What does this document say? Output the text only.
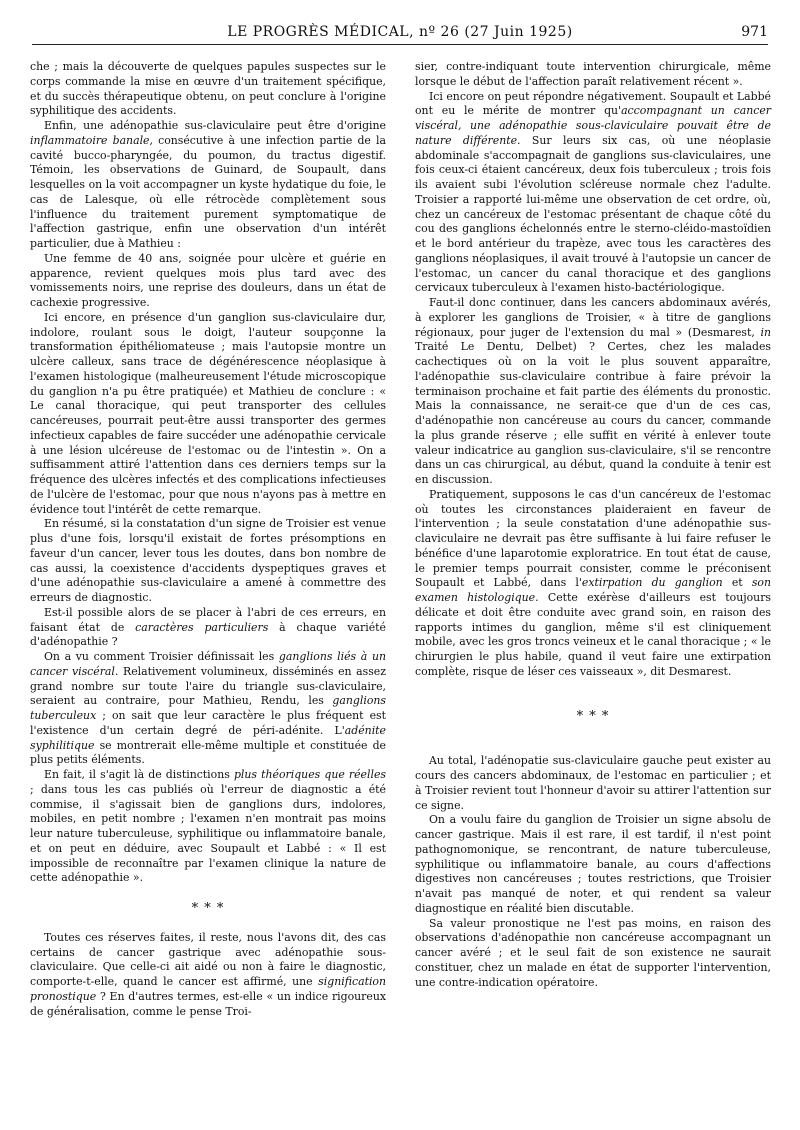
LE PROGRÈS MÉDICAL, nº 26 (27 Juin 1925)	971

che ; mais la découverte de quelques papules suspectes sur le corps commande la mise en œuvre d'un traitement spécifique, et du succès thérapeutique obtenu, on peut conclure à l'origine syphilitique des accidents.

Enfin, une adénopathie sus-claviculaire peut être d'origine inflammatoire banale, consécutive à une infection partie de la cavité bucco-pharyngée, du poumon, du tractus digestif. Témoin, les observations de Guinard, de Soupault, dans lesquelles on la voit accompagner un kyste hydatique du foie, le cas de Lalesque, où elle rétrocède complètement sous l'influence du traitement purement symptomatique de l'affection gastrique, enfin une observation d'un intérêt particulier, due à Mathieu :

Une femme de 40 ans, soignée pour ulcère et guérie en apparence, revient quelques mois plus tard avec des vomissements noirs, une reprise des douleurs, dans un état de cachexie progressive.

Ici encore, en présence d'un ganglion sus-claviculaire dur, indolore, roulant sous le doigt, l'auteur soupçonne la transformation épithéliomateuse ; mais l'autopsie montre un ulcère calleux, sans trace de dégénérescence néoplasique à l'examen histologique (malheureusement l'étude microscopique du ganglion n'a pu être pratiquée) et Mathieu de conclure : « Le canal thoracique, qui peut transporter des cellules cancéreuses, pourrait peut-être aussi transporter des germes infectieux capables de faire succéder une adénopathie cervicale à une lésion ulcéreuse de l'estomac ou de l'intestin ». On a suffisamment attiré l'attention dans ces derniers temps sur la fréquence des ulcères infectés et des complications infectieuses de l'ulcère de l'estomac, pour que nous n'ayons pas à mettre en évidence tout l'intérêt de cette remarque.

En résumé, si la constatation d'un signe de Troisier est venue plus d'une fois, lorsqu'il existait de fortes présomptions en faveur d'un cancer, lever tous les doutes, dans bon nombre de cas aussi, la coexistence d'accidents dyspeptiques graves et d'une adénopathie sus-claviculaire a amené à commettre des erreurs de diagnostic.

Est-il possible alors de se placer à l'abri de ces erreurs, en faisant état de caractères particuliers à chaque variété d'adénopathie ?

On a vu comment Troisier définissait les ganglions liés à un cancer viscéral. Relativement volumineux, disséminés en assez grand nombre sur toute l'aire du triangle sus-claviculaire, seraient au contraire, pour Mathieu, Rendu, les ganglions tuberculeux ; on sait que leur caractère le plus fréquent est l'existence d'un certain degré de péri-adénite. L'adénite syphilitique se montrerait elle-même multiple et constituée de plus petits éléments.

En fait, il s'agit là de distinctions plus théoriques que réelles ; dans tous les cas publiés où l'erreur de diagnostic a été commise, il s'agissait bien de ganglions durs, indolores, mobiles, en petit nombre ; l'examen n'en montrait pas moins leur nature tuberculeuse, syphilitique ou inflammatoire banale, et on peut en déduire, avec Soupault et Labbé : « Il est impossible de reconnaître par l'examen clinique la nature de cette adénopathie ».

* * *

Toutes ces réserves faites, il reste, nous l'avons dit, des cas certains de cancer gastrique avec adénopathie sous-claviculaire. Que celle-ci ait aidé ou non à faire le diagnostic, comporte-t-elle, quand le cancer est affirmé, une signification pronostique ? En d'autres termes, est-elle « un indice rigoureux de généralisation, comme le pense Troi-

sier, contre-indiquant toute intervention chirurgicale, même lorsque le début de l'affection paraît relativement récent ».

Ici encore on peut répondre négativement. Soupault et Labbé ont eu le mérite de montrer qu'accompagnant un cancer viscéral, une adénopathie sous-claviculaire pouvait être de nature différente. Sur leurs six cas, où une néoplasie abdominale s'accompagnait de ganglions sus-claviculaires, une fois ceux-ci étaient cancéreux, deux fois tuberculeux ; trois fois ils avaient subi l'évolution scléreuse normale chez l'adulte. Troisier a rapporté lui-même une observation de cet ordre, où, chez un cancéreux de l'estomac présentant de chaque côté du cou des ganglions échelonnés entre le sterno-cléido-mastoïdien et le bord antérieur du trapèze, avec tous les caractères des ganglions néoplasiques, il avait trouvé à l'autopsie un cancer de l'estomac, un cancer du canal thoracique et des ganglions cervicaux tuberculeux à l'examen histo-bactériologique.

Faut-il donc continuer, dans les cancers abdominaux avérés, à explorer les ganglions de Troisier, « à titre de ganglions régionaux, pour juger de l'extension du mal » (Desmarest, in Traité Le Dentu, Delbet) ? Certes, chez les malades cachectiques où on la voit le plus souvent apparaître, l'adénopathie sus-claviculaire contribue à faire prévoir la terminaison prochaine et fait partie des éléments du pronostic. Mais la connaissance, ne serait-ce que d'un de ces cas, d'adénopathie non cancéreuse au cours du cancer, commande la plus grande réserve ; elle suffit en vérité à enlever toute valeur indicatrice au ganglion sus-claviculaire, s'il se rencontre dans un cas chirurgical, au début, quand la conduite à tenir est en discussion.

Pratiquement, supposons le cas d'un cancéreux de l'estomac où toutes les circonstances plaideraient en faveur de l'intervention ; la seule constatation d'une adénopathie sus-claviculaire ne devrait pas être suffisante à lui faire refuser le bénéfice d'une laparotomie exploratrice. En tout état de cause, le premier temps pourrait consister, comme le préconisent Soupault et Labbé, dans l'extirpation du ganglion et son examen histologique. Cette exérèse d'ailleurs est toujours délicate et doit être conduite avec grand soin, en raison des rapports intimes du ganglion, même s'il est cliniquement mobile, avec les gros troncs veineux et le canal thoracique ; « le chirurgien le plus habile, quand il veut faire une extirpation complète, risque de léser ces vaisseaux », dit Desmarest.

* * *

Au total, l'adénopatie sus-claviculaire gauche peut exister au cours des cancers abdominaux, de l'estomac en particulier ; et à Troisier revient tout l'honneur d'avoir su attirer l'attention sur ce signe.

On a voulu faire du ganglion de Troisier un signe absolu de cancer gastrique. Mais il est rare, il est tardif, il n'est point pathognomonique, se rencontrant, de nature tuberculeuse, syphilitique ou inflammatoire banale, au cours d'affections digestives non cancéreuses ; toutes restrictions, que Troisier n'avait pas manqué de noter, et qui rendent sa valeur diagnostique en réalité bien discutable.

Sa valeur pronostique ne l'est pas moins, en raison des observations d'adénopathie non cancéreuse accompagnant un cancer avéré ; et le seul fait de son existence ne saurait constituer, chez un malade en état de supporter l'intervention, une contre-indication opératoire.
